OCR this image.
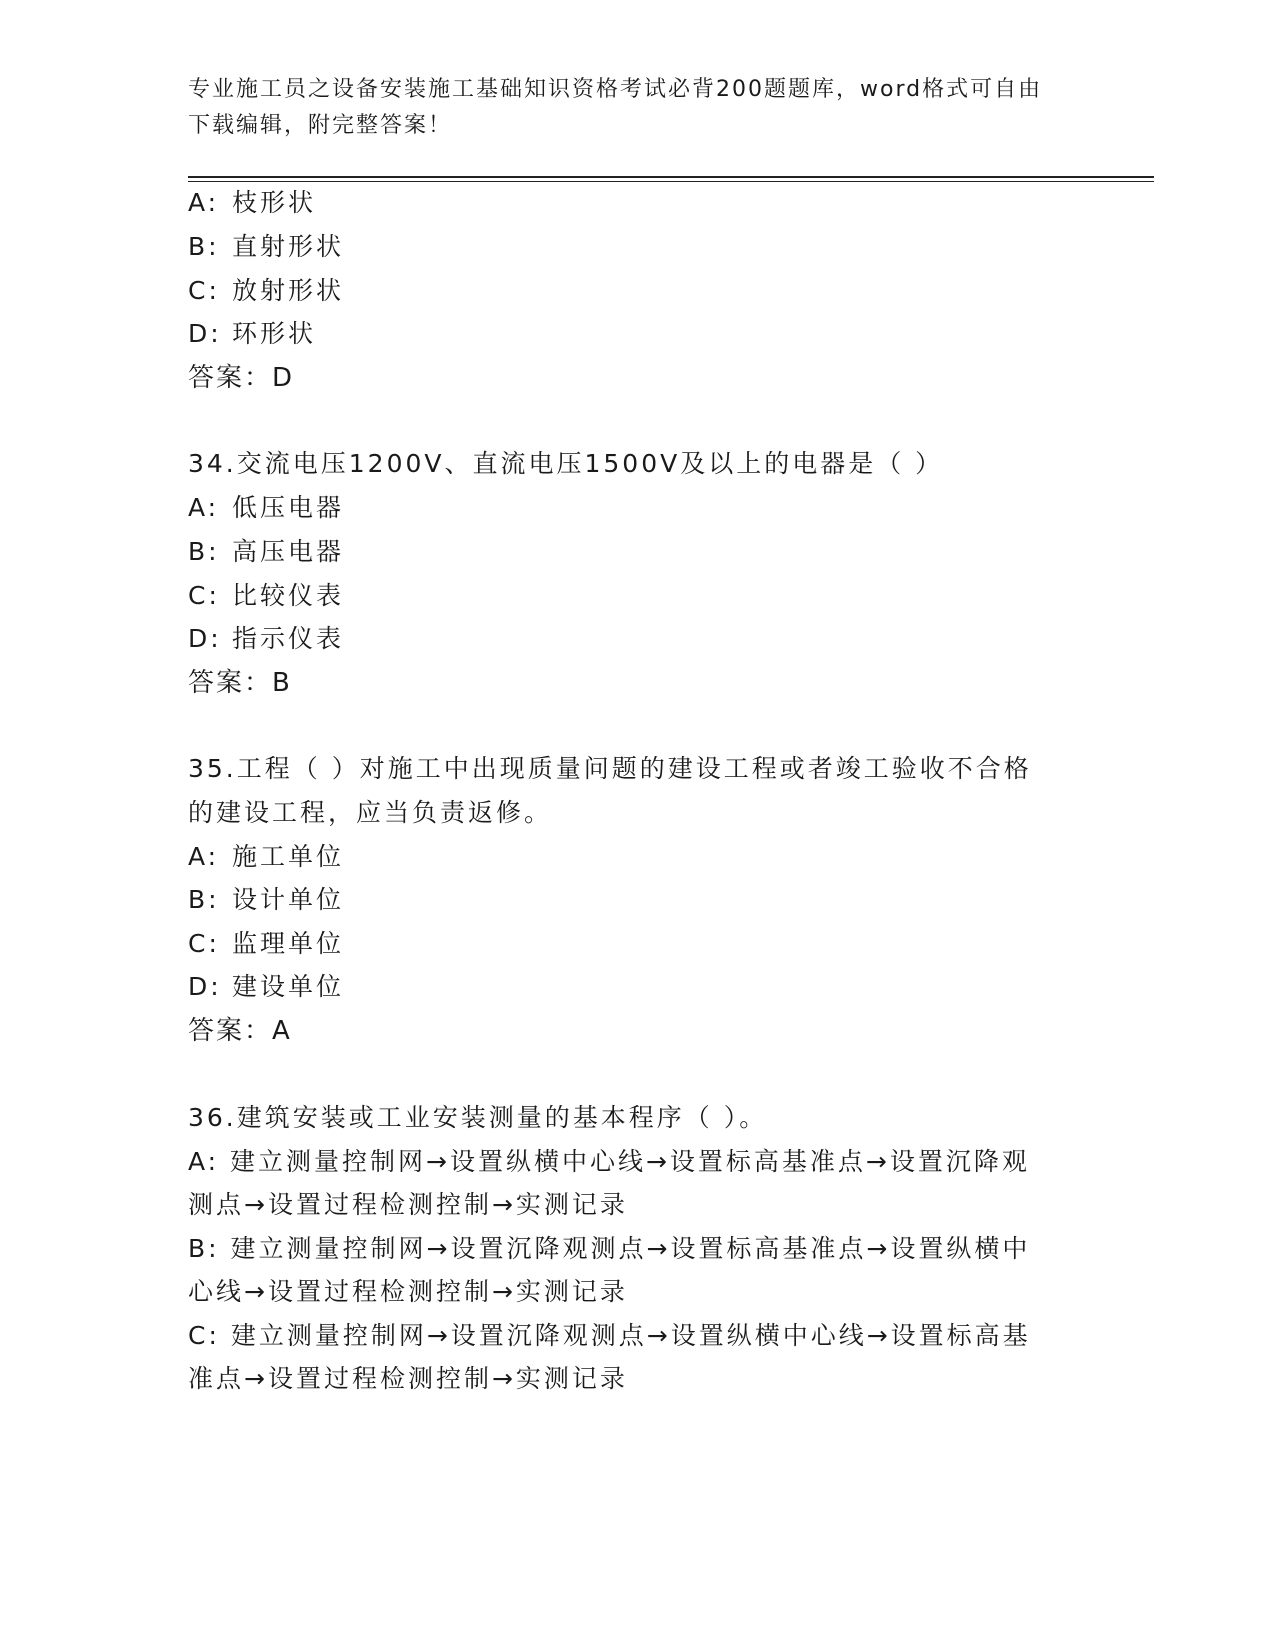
专业施工员之设备安装施工基础知识资格考试必背200题题库，word格式可自由
下载编辑，附完整答案！
A: 枝形状
B: 直射形状
C: 放射形状
D: 环形状
答案：D
34.交流电压1200V、直流电压1500V及以上的电器是（ ）
A: 低压电器
B: 高压电器
C: 比较仪表
D: 指示仪表
答案：B
35.工程（ ）对施工中出现质量问题的建设工程或者竣工验收不合格
的建设工程，应当负责返修。
A: 施工单位
B: 设计单位
C: 监理单位
D: 建设单位
答案：A
36.建筑安装或工业安装测量的基本程序（ ）。
A: 建立测量控制网→设置纵横中心线→设置标高基准点→设置沉降观
测点→设置过程检测控制→实测记录
B: 建立测量控制网→设置沉降观测点→设置标高基准点→设置纵横中
心线→设置过程检测控制→实测记录
C: 建立测量控制网→设置沉降观测点→设置纵横中心线→设置标高基
准点→设置过程检测控制→实测记录
